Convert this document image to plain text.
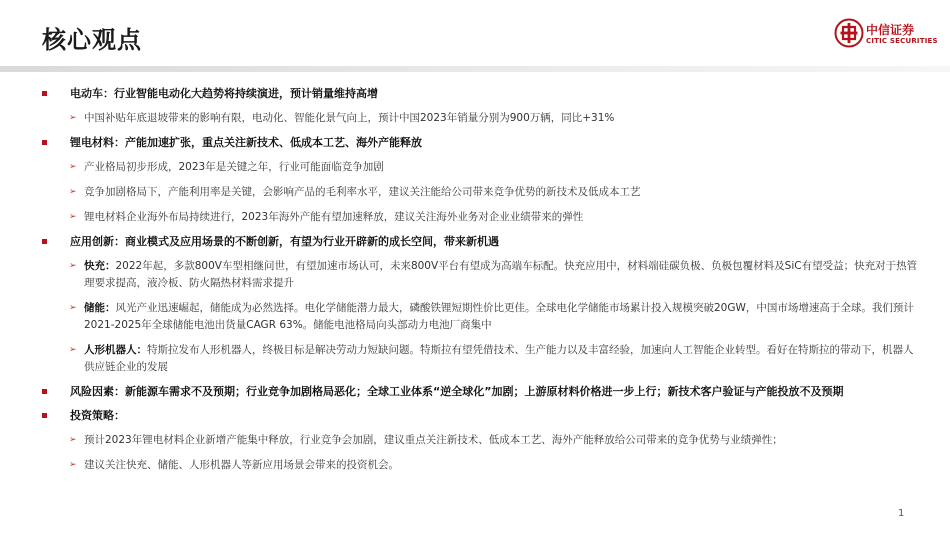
核心观点	中信证券
CITIC SECURITIES
电动车：行业智能电动化大趋势将持续演进，预计销量维持高增
➢ 中国补贴年底退坡带来的影响有限，电动化、智能化景气向上，预计中国2023年销量分别为900万辆，同比+31%
锂电材料：产能加速扩张，重点关注新技术、低成本工艺、海外产能释放
➢ 产业格局初步形成，2023年是关键之年，行业可能面临竞争加剧
➢ 竞争加剧格局下，产能利用率是关键，会影响产品的毛利率水平，建议关注能给公司带来竞争优势的新技术及低成本工艺
➢ 锂电材料企业海外布局持续进行，2023年海外产能有望加速释放，建议关注海外业务对企业业绩带来的弹性
应用创新：商业模式及应用场景的不断创新，有望为行业开辟新的成长空间，带来新机遇
➢ 快充：2022年起，多款800V车型相继问世，有望加速市场认可，未来800V平台有望成为高端车标配。快充应用中，材料端硅碳负极、负极包覆材料及SiC有望受益；快充对于热管理要求提高，液冷板、防火隔热材料需求提升
➢ 储能：风光产业迅速崛起，储能成为必然选择。电化学储能潜力最大，磷酸铁锂短期性价比更佳。全球电化学储能市场累计投入规模突破20GW，中国市场增速高于全球。我们预计2021-2025年全球储能电池出货量CAGR 63%。储能电池格局向头部动力电池厂商集中
➢ 人形机器人：特斯拉发布人形机器人，终极目标是解决劳动力短缺问题。特斯拉有望凭借技术、生产能力以及丰富经验，加速向人工智能企业转型。看好在特斯拉的带动下，机器人供应链企业的发展
风险因素：新能源车需求不及预期；行业竞争加剧格局恶化；全球工业体系“逆全球化”加剧；上游原材料价格进一步上行；新技术客户验证与产能投放不及预期
投资策略：
➢ 预计2023年锂电材料企业新增产能集中释放，行业竞争会加剧，建议重点关注新技术、低成本工艺、海外产能释放给公司带来的竞争优势与业绩弹性；
➢ 建议关注快充、储能、人形机器人等新应用场景会带来的投资机会。
1
